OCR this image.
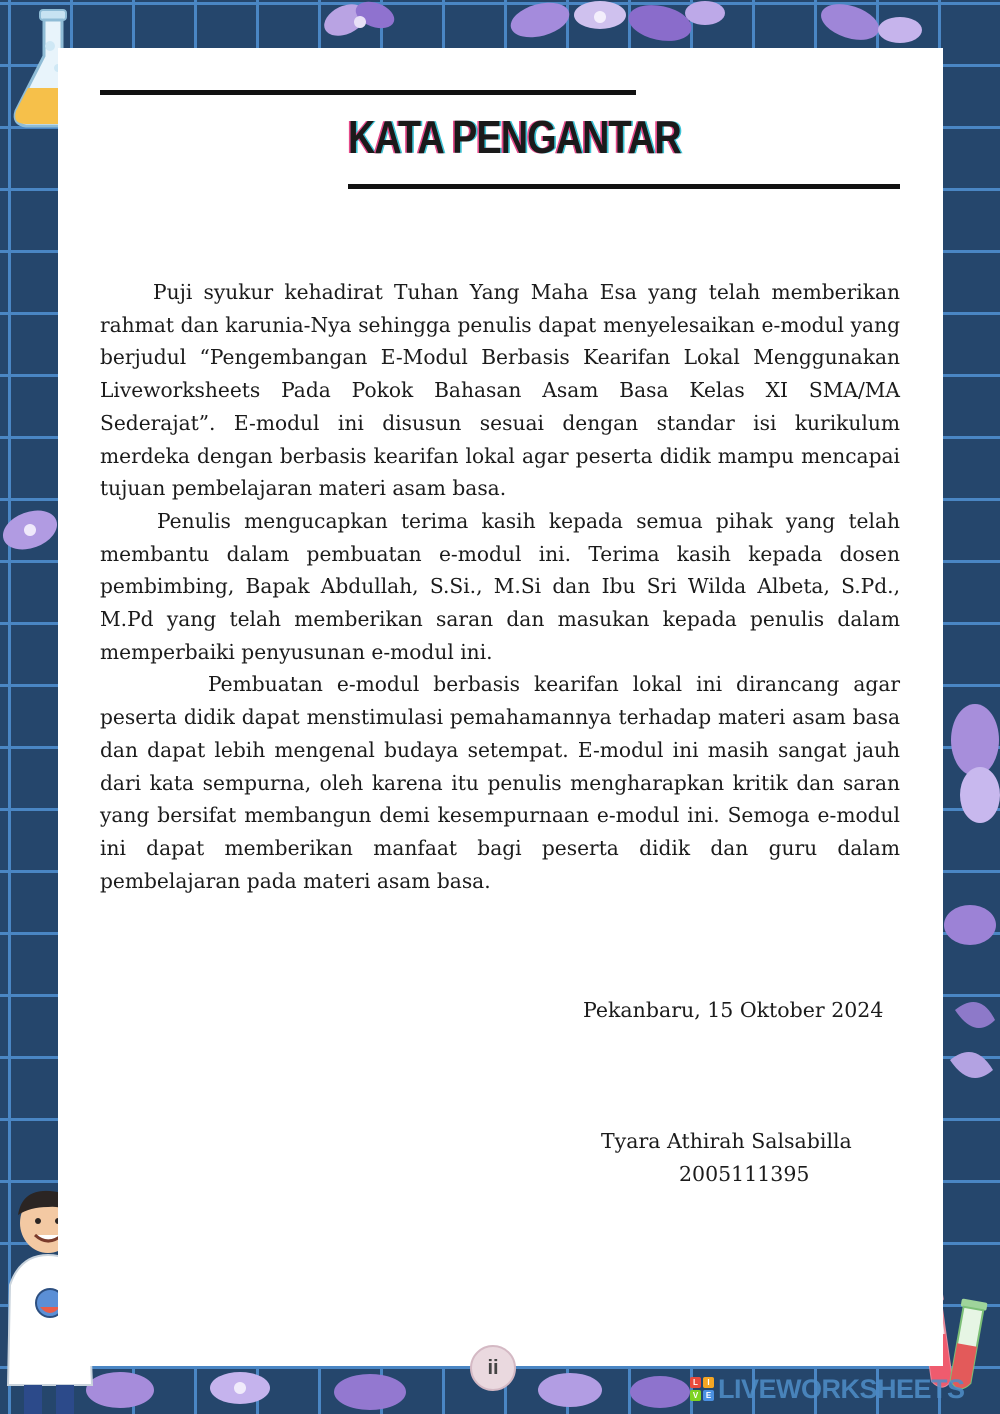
KATA PENGANTAR

Puji syukur kehadirat Tuhan Yang Maha Esa yang telah memberikan rahmat dan karunia-Nya sehingga penulis dapat menyelesaikan e-modul yang berjudul “Pengembangan E-Modul Berbasis Kearifan Lokal Menggunakan Liveworksheets Pada Pokok Bahasan Asam Basa Kelas XI SMA/MA Sederajat”. E-modul ini disusun sesuai dengan standar isi kurikulum merdeka dengan berbasis kearifan lokal agar peserta didik mampu mencapai tujuan pembelajaran materi asam basa.

Penulis mengucapkan terima kasih kepada semua pihak yang telah membantu dalam pembuatan e-modul ini. Terima kasih kepada dosen pembimbing, Bapak Abdullah, S.Si., M.Si dan Ibu Sri Wilda Albeta, S.Pd., M.Pd yang telah memberikan saran dan masukan kepada penulis dalam memperbaiki penyusunan e-modul ini.

Pembuatan e-modul berbasis kearifan lokal ini dirancang agar peserta didik dapat menstimulasi pemahamannya terhadap materi asam basa dan dapat lebih mengenal budaya setempat. E-modul ini masih sangat jauh dari kata sempurna, oleh karena itu penulis mengharapkan kritik dan saran yang bersifat membangun demi kesempurnaan e-modul ini. Semoga e-modul ini dapat memberikan manfaat bagi peserta didik dan guru dalam pembelajaran pada materi asam basa.

Pekanbaru, 15 Oktober 2024
Tyara Athirah Salsabilla
2005111395
ii
L	I
V E LIVEWORKSHEETS
